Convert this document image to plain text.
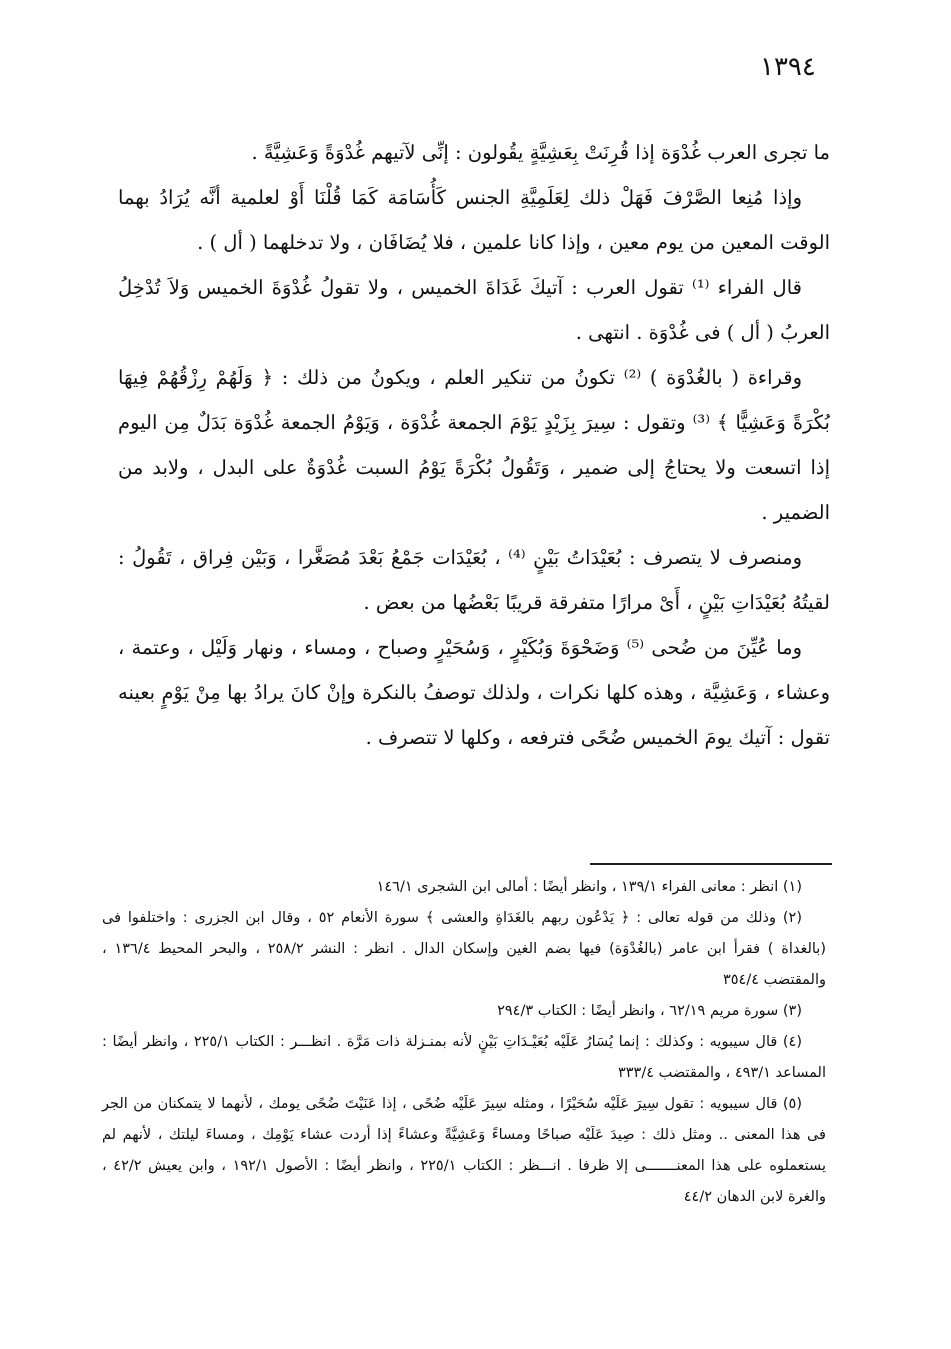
١٣٩٤

ما تجرى العرب غُدْوَة إذا قُرِنَتْ بِعَشِيَّةٍ يقُولون : إنِّى لآتيهم غُدْوَةً وَعَشِيَّةً .

وإذا مُنِعا الصَّرْفَ فَهَلْ ذلك لِعَلَمِيَّةِ الجنس كَأُسَامَة كَمَا قُلْنَا أَوْ لعلمية أنَّه يُرَادُ بهما الوقت المعين من يوم معين ، وإذا كانا علمين ، فلا يُضَافَان ، ولا تدخلهما ( أل ) .

قال الفراء ⁽¹⁾ تقول العرب : آتيكَ غَدَاةَ الخميس ، ولا تقولُ غُدْوَةَ الخميس وَلاَ تُدْخِلُ العربُ ( أل ) فى غُدْوَة . انتهى .

وقراءة ( بالغُدْوَة ) ⁽²⁾ تكونُ من تنكير العلم ، ويكونُ من ذلك : ﴿ وَلَهُمْ رِزْقُهُمْ فِيهَا بُكْرَةً وَعَشِيًّا ﴾ ⁽³⁾ وتقول : سِيرَ بِزَيْدٍ يَوْمَ الجمعة غُدْوَة ، وَيَوْمُ الجمعة غُدْوَة بَدَلٌ مِن اليوم إذا اتسعت ولا يحتاجُ إلى ضمير ، وَتَقُولُ بُكْرَةً يَوْمُ السبت غُدْوَةٌ على البدل ، ولابد من الضمير .

ومنصرف لا يتصرف : بُعَيْدَاتُ بَيْنٍ ⁽⁴⁾ ، بُعَيْدَات جَمْعُ بَعْدَ مُصَغَّرا ، وَبَيْن فِراق ، تَقُولُ : لقيتُهُ بُعَيْدَاتِ بَيْنٍ ، أَىْ مرارًا متفرقة قريبًا بَعْضُها من بعض .

وما عُيِّنَ من ضُحى ⁽⁵⁾ وَضَحْوَةَ وَبُكَيْرٍ ، وَسُحَيْرٍ وصباح ، ومساء ، ونهار وَلَيْل ، وعتمة ، وعشاء ، وَعَشِيَّة ، وهذه كلها نكرات ، ولذلك توصفُ بالنكرة وإنْ كانَ يرادُ بها مِنْ يَوْمٍ بعينه تقول : آتيك يومَ الخميس ضُحًى فترفعه ، وكلها لا تتصرف .

(١) انظر : معانى الفراء ١٣٩/١ ، وانظر أيضًا : أمالى ابن الشجرى ١٤٦/١

(٢) وذلك من قوله تعالى : ﴿ يَدْعُون ربهم بالغَدَاةِ والعشى ﴾ سورة الأنعام ٥٢ ، وقال ابن الجزرى : واختلفوا فى (بالغداة ) فقرأ ابن عامر (بالغُدْوَة) فيها بضم الغين وإسكان الدال . انظر : النشر ٢٥٨/٢ ، والبحر المحيط ١٣٦/٤ ، والمقتضب ٣٥٤/٤

(٣) سورة مريم ٦٢/١٩ ، وانظر أيضًا : الكتاب ٢٩٤/٣

(٤) قال سيبويه : وكذلك : إنما يُسَارُ عَلَيْه بُعَيْـدَاتِ بَيْنٍ لأنه بمنـزلة ذات مَرَّة . انظـــر : الكتاب ٢٢٥/١ ، وانظر أيضًا : المساعد ٤٩٣/١ ، والمقتضب ٣٣٣/٤

(٥) قال سيبويه : تقول سِيرَ عَلَيْه سُحَيْرًا ، ومثله سِيرَ عَلَيْه ضُحًى ، إذا عَنَيْتَ ضُحًى يومك ، لأنهما لا يتمكنان من الجر فى هذا المعنى .. ومثل ذلك : صِيدَ عَلَيْه صباحًا ومساءً وَعَشِيَّةً وعشاءً إذا أردت عشاء يَوْمِك ، ومساءَ ليلتك ، لأنهم لم يستعملوه على هذا المعنـــــــى إلا ظرفا . انـــظر : الكتاب ٢٢٥/١ ، وانظر أيضًا : الأصول ١٩٢/١ ، وابن يعيش ٤٢/٢ ، والغرة لابن الدهان ٤٤/٢
